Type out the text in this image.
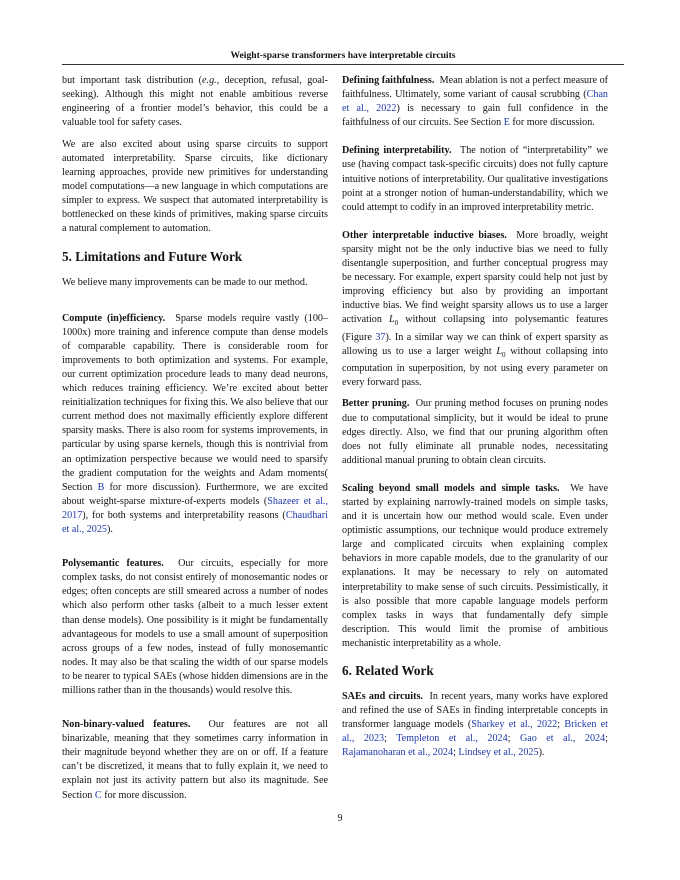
Weight-sparse transformers have interpretable circuits

but important task distribution (e.g., deception, refusal, goal-seeking). Although this might not enable ambitious reverse engineering of a frontier model’s behavior, this could be a valuable tool for safety cases.

We are also excited about using sparse circuits to support automated interpretability. Sparse circuits, like dictionary learning approaches, provide new primitives for understanding model computations—a new language in which computations are simpler to express. We suspect that automated interpretability is bottlenecked on these kinds of primitives, making sparse circuits a natural complement to automation.

5. Limitations and Future Work

We believe many improvements can be made to our method.

Compute (in)efficiency. Sparse models require vastly (100–1000x) more training and inference compute than dense models of comparable capability. There is considerable room for improvements to both optimization and systems. For example, our current optimization procedure leads to many dead neurons, which reduces training efficiency. We’re excited about better reinitialization techniques for fixing this. We also believe that our current method does not maximally efficiently explore different sparsity masks. There is also room for systems improvements, in particular by using sparse kernels, though this is nontrivial from an optimization perspective because we would need to sparsify the gradient computation for the weights and Adam moments( Section B for more discussion). Furthermore, we are excited about weight-sparse mixture-of-experts models (Shazeer et al., 2017), for both systems and interpretability reasons (Chaudhari et al., 2025).

Polysemantic features. Our circuits, especially for more complex tasks, do not consist entirely of monosemantic nodes or edges; often concepts are still smeared across a number of nodes which also perform other tasks (albeit to a much lesser extent than dense models). One possibility is it might be fundamentally advantageous for models to use a small amount of superposition across groups of a few nodes, instead of fully monosemantic nodes. It may also be that scaling the width of our sparse models to be nearer to typical SAEs (whose hidden dimensions are in the millions rather than in the thousands) would resolve this.

Non-binary-valued features. Our features are not all binarizable, meaning that they sometimes carry information in their magnitude beyond whether they are on or off. If a feature can’t be discretized, it means that to fully explain it, we need to explain not just its activity pattern but also its magnitude. See Section C for more discussion.

Defining faithfulness. Mean ablation is not a perfect measure of faithfulness. Ultimately, some variant of causal scrubbing (Chan et al., 2022) is necessary to gain full confidence in the faithfulness of our circuits. See Section E for more discussion.

Defining interpretability. The notion of “interpretability” we use (having compact task-specific circuits) does not fully capture intuitive notions of interpretability. Our qualitative investigations point at a stronger notion of human-understandability, which we could attempt to codify in an improved interpretability metric.

Other interpretable inductive biases. More broadly, weight sparsity might not be the only inductive bias we need to fully disentangle superposition, and further conceptual progress may be necessary. For example, expert sparsity could help not just by improving efficiency but also by providing an important inductive bias. We find weight sparsity allows us to use a larger activation $L_0$ without collapsing into polysemantic features (Figure 37). In a similar way we can think of expert sparsity as allowing us to use a larger weight $L_0$ without collapsing into computation in superposition, by not using every parameter on every forward pass.

Better pruning. Our pruning method focuses on pruning nodes due to computational simplicity, but it would be ideal to prune edges directly. Also, we find that our pruning algorithm often does not fully eliminate all prunable nodes, necessitating additional manual pruning to obtain clean circuits.

Scaling beyond small models and simple tasks. We have started by explaining narrowly-trained models on simple tasks, and it is uncertain how our method would scale. Even under optimistic assumptions, our technique would produce extremely large and complicated circuits when explaining complex behaviors in more capable models, due to the granularity of our explanations. It may be necessary to rely on automated interpretability to make sense of such circuits. Pessimistically, it is also possible that more capable language models perform complex tasks in ways that fundamentally defy simple description. This would limit the promise of ambitious mechanistic interpretability as a whole.

6. Related Work

SAEs and circuits. In recent years, many works have explored and refined the use of SAEs in finding interpretable concepts in transformer language models (Sharkey et al., 2022; Bricken et al., 2023; Templeton et al., 2024; Gao et al., 2024; Rajamanoharan et al., 2024; Lindsey et al., 2025).

9
